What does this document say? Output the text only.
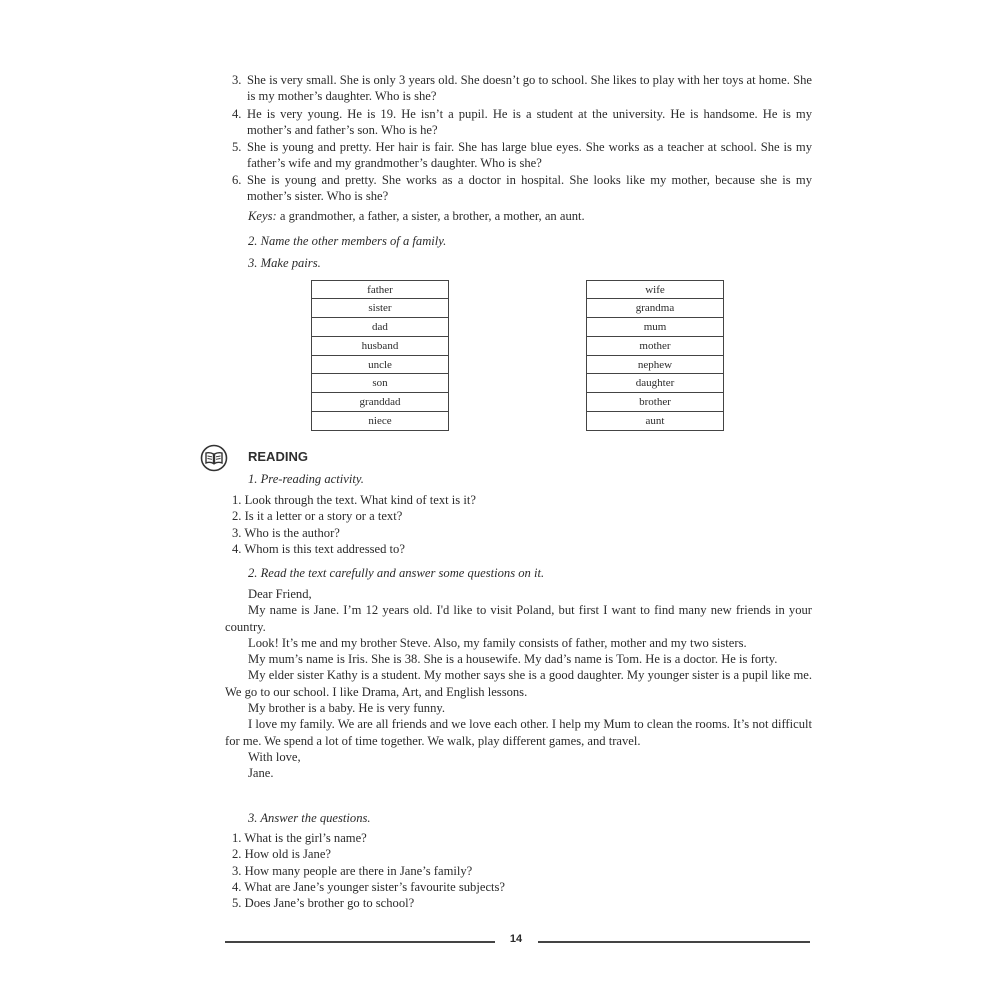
3. She is very small. She is only 3 years old. She doesn’t go to school. She likes to play with her toys at home. She is my mother’s daughter. Who is she?
4. He is very young. He is 19. He isn’t a pupil. He is a student at the university. He is handsome. He is my mother’s and father’s son. Who is he?
5. She is young and pretty. Her hair is fair. She has large blue eyes. She works as a teacher at school. She is my father’s wife and my grandmother’s daughter. Who is she?
6. She is young and pretty. She works as a doctor in hospital. She looks like my mother, because she is my mother’s sister. Who is she?
Keys: a grandmother, a father, a sister, a brother, a mother, an aunt.
2. Name the other members of a family.
3. Make pairs.
father
sister
dad
husband
uncle
son
granddad
niece
wife
grandma
mum
mother
nephew
daughter
brother
aunt
READING
1. Pre-reading activity.
1. Look through the text. What kind of text is it?
2. Is it a letter or a story or a text?
3. Who is the author?
4. Whom is this text addressed to?
2. Read the text carefully and answer some questions on it.
Dear Friend,
My name is Jane. I’m 12 years old. I'd like to visit Poland, but first I want to find many new friends in your country.
Look! It’s me and my brother Steve. Also, my family consists of father, mother and my two sisters.
My mum’s name is Iris. She is 38. She is a housewife. My dad’s name is Tom. He is a doctor. He is forty.
My elder sister Kathy is a student. My mother says she is a good daughter. My younger sister is a pupil like me. We go to our school. I like Drama, Art, and English lessons.
My brother is a baby. He is very funny.
I love my family. We are all friends and we love each other. I help my Mum to clean the rooms. It’s not difficult for me. We spend a lot of time together. We walk, play different games, and travel.
With love,
Jane.
3. Answer the questions.
1. What is the girl’s name?
2. How old is Jane?
3. How many people are there in Jane’s family?
4. What are Jane’s younger sister’s favourite subjects?
5. Does Jane’s brother go to school?
14
